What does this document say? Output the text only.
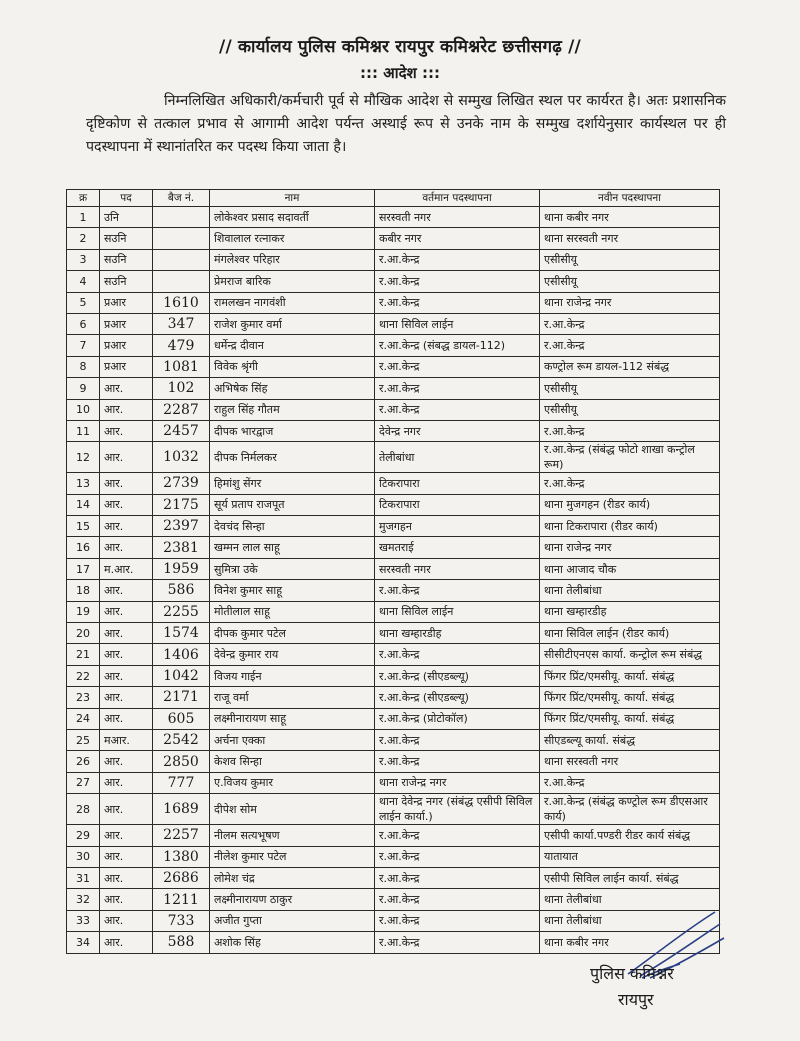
// कार्यालय पुलिस कमिश्नर रायपुर कमिश्नरेट छत्तीसगढ़ //
::: आदेश :::
निम्नलिखित अधिकारी/कर्मचारी पूर्व से मौखिक आदेश से सम्मुख लिखित स्थल पर कार्यरत है। अतः प्रशासनिक दृष्टिकोण से तत्काल प्रभाव से आगामी आदेश पर्यन्त अस्थाई रूप से उनके नाम के सम्मुख दर्शायेनुसार कार्यस्थल पर ही पदस्थापना में स्थानांतरित कर पदस्थ किया जाता है।
क्र	पद	बैज नं.	नाम	वर्तमान पदस्थापना	नवीन पदस्थापना
1	उनि		लोकेश्वर प्रसाद सदावर्ती	सरस्वती नगर	थाना कबीर नगर
2	सउनि		शिवालाल रत्नाकर	कबीर नगर	थाना सरस्वती नगर
3	सउनि		मंगलेश्वर परिहार	र.आ.केन्द्र	एसीसीयू
4	सउनि		प्रेमराज बारिक	र.आ.केन्द्र	एसीसीयू
5	प्रआर	1610	रामलखन नागवंशी	र.आ.केन्द्र	थाना राजेन्द्र नगर
6	प्रआर	347	राजेश कुमार वर्मा	थाना सिविल लाईन	र.आ.केन्द्र
7	प्रआर	479	धर्मेन्द्र दीवान	र.आ.केन्द्र (संबद्ध डायल-112)	र.आ.केन्द्र
8	प्रआर	1081	विवेक श्रृंगी	र.आ.केन्द्र	कण्ट्रोल रूम डायल-112 संबंद्ध
9	आर.	102	अभिषेक सिंह	र.आ.केन्द्र	एसीसीयू
10	आर.	2287	राहुल सिंह गौतम	र.आ.केन्द्र	एसीसीयू
11	आर.	2457	दीपक भारद्वाज	देवेन्द्र नगर	र.आ.केन्द्र
12	आर.	1032	दीपक निर्मलकर	तेलीबांधा	र.आ.केन्द्र (संबंद्ध फोटो शाखा कन्ट्रोल रूम)
13	आर.	2739	हिमांशु सेंगर	टिकरापारा	र.आ.केन्द्र
14	आर.	2175	सूर्य प्रताप राजपूत	टिकरापारा	थाना मुजगहन (रीडर कार्य)
15	आर.	2397	देवचंद सिन्हा	मुजगहन	थाना टिकरापारा (रीडर कार्य)
16	आर.	2381	खम्मन लाल साहू	खमतराई	थाना राजेन्द्र नगर
17	म.आर.	1959	सुमित्रा उके	सरस्वती नगर	थाना आजाद चौक
18	आर.	586	विनेश कुमार साहू	र.आ.केन्द्र	थाना तेलीबांधा
19	आर.	2255	मोतीलाल साहू	थाना सिविल लाईन	थाना खम्हारडीह
20	आर.	1574	दीपक कुमार पटेल	थाना खम्हारडीह	थाना सिविल लाईन (रीडर कार्य)
21	आर.	1406	देवेन्द्र कुमार राय	र.आ.केन्द्र	सीसीटीएनएस कार्या. कन्ट्रोल रूम संबंद्ध
22	आर.	1042	विजय गाईन	र.आ.केन्द्र (सीएडब्ल्यू)	फिंगर प्रिंट/एमसीयू. कार्या. संबंद्ध
23	आर.	2171	राजू वर्मा	र.आ.केन्द्र (सीएडब्ल्यू)	फिंगर प्रिंट/एमसीयू. कार्या. संबंद्ध
24	आर.	605	लक्ष्मीनारायण साहू	र.आ.केन्द्र (प्रोटोकॉल)	फिंगर प्रिंट/एमसीयू. कार्या. संबंद्ध
25	मआर.	2542	अर्चना एक्का	र.आ.केन्द्र	सीएडब्ल्यू कार्या. संबंद्ध
26	आर.	2850	केशव सिन्हा	र.आ.केन्द्र	थाना सरस्वती नगर
27	आर.	777	ए.विजय कुमार	थाना राजेन्द्र नगर	र.आ.केन्द्र
28	आर.	1689	दीपेश सोम	थाना देवेन्द्र नगर (संबंद्ध एसीपी सिविल लाईन कार्या.)	र.आ.केन्द्र (संबंद्ध कण्ट्रोल रूम डीएसआर कार्य)
29	आर.	2257	नीलम सत्यभूषण	र.आ.केन्द्र	एसीपी कार्या.पण्डरी रीडर कार्य संबंद्ध
30	आर.	1380	नीलेश कुमार पटेल	र.आ.केन्द्र	यातायात
31	आर.	2686	लोमेश चंद्र	र.आ.केन्द्र	एसीपी सिविल लाईन कार्या. संबंद्ध
32	आर.	1211	लक्ष्मीनारायण ठाकुर	र.आ.केन्द्र	थाना तेलीबांधा
33	आर.	733	अजीत गुप्ता	र.आ.केन्द्र	थाना तेलीबांधा
34	आर.	588	अशोक सिंह	र.आ.केन्द्र	थाना कबीर नगर
पुलिस कमिश्नर
रायपुर
